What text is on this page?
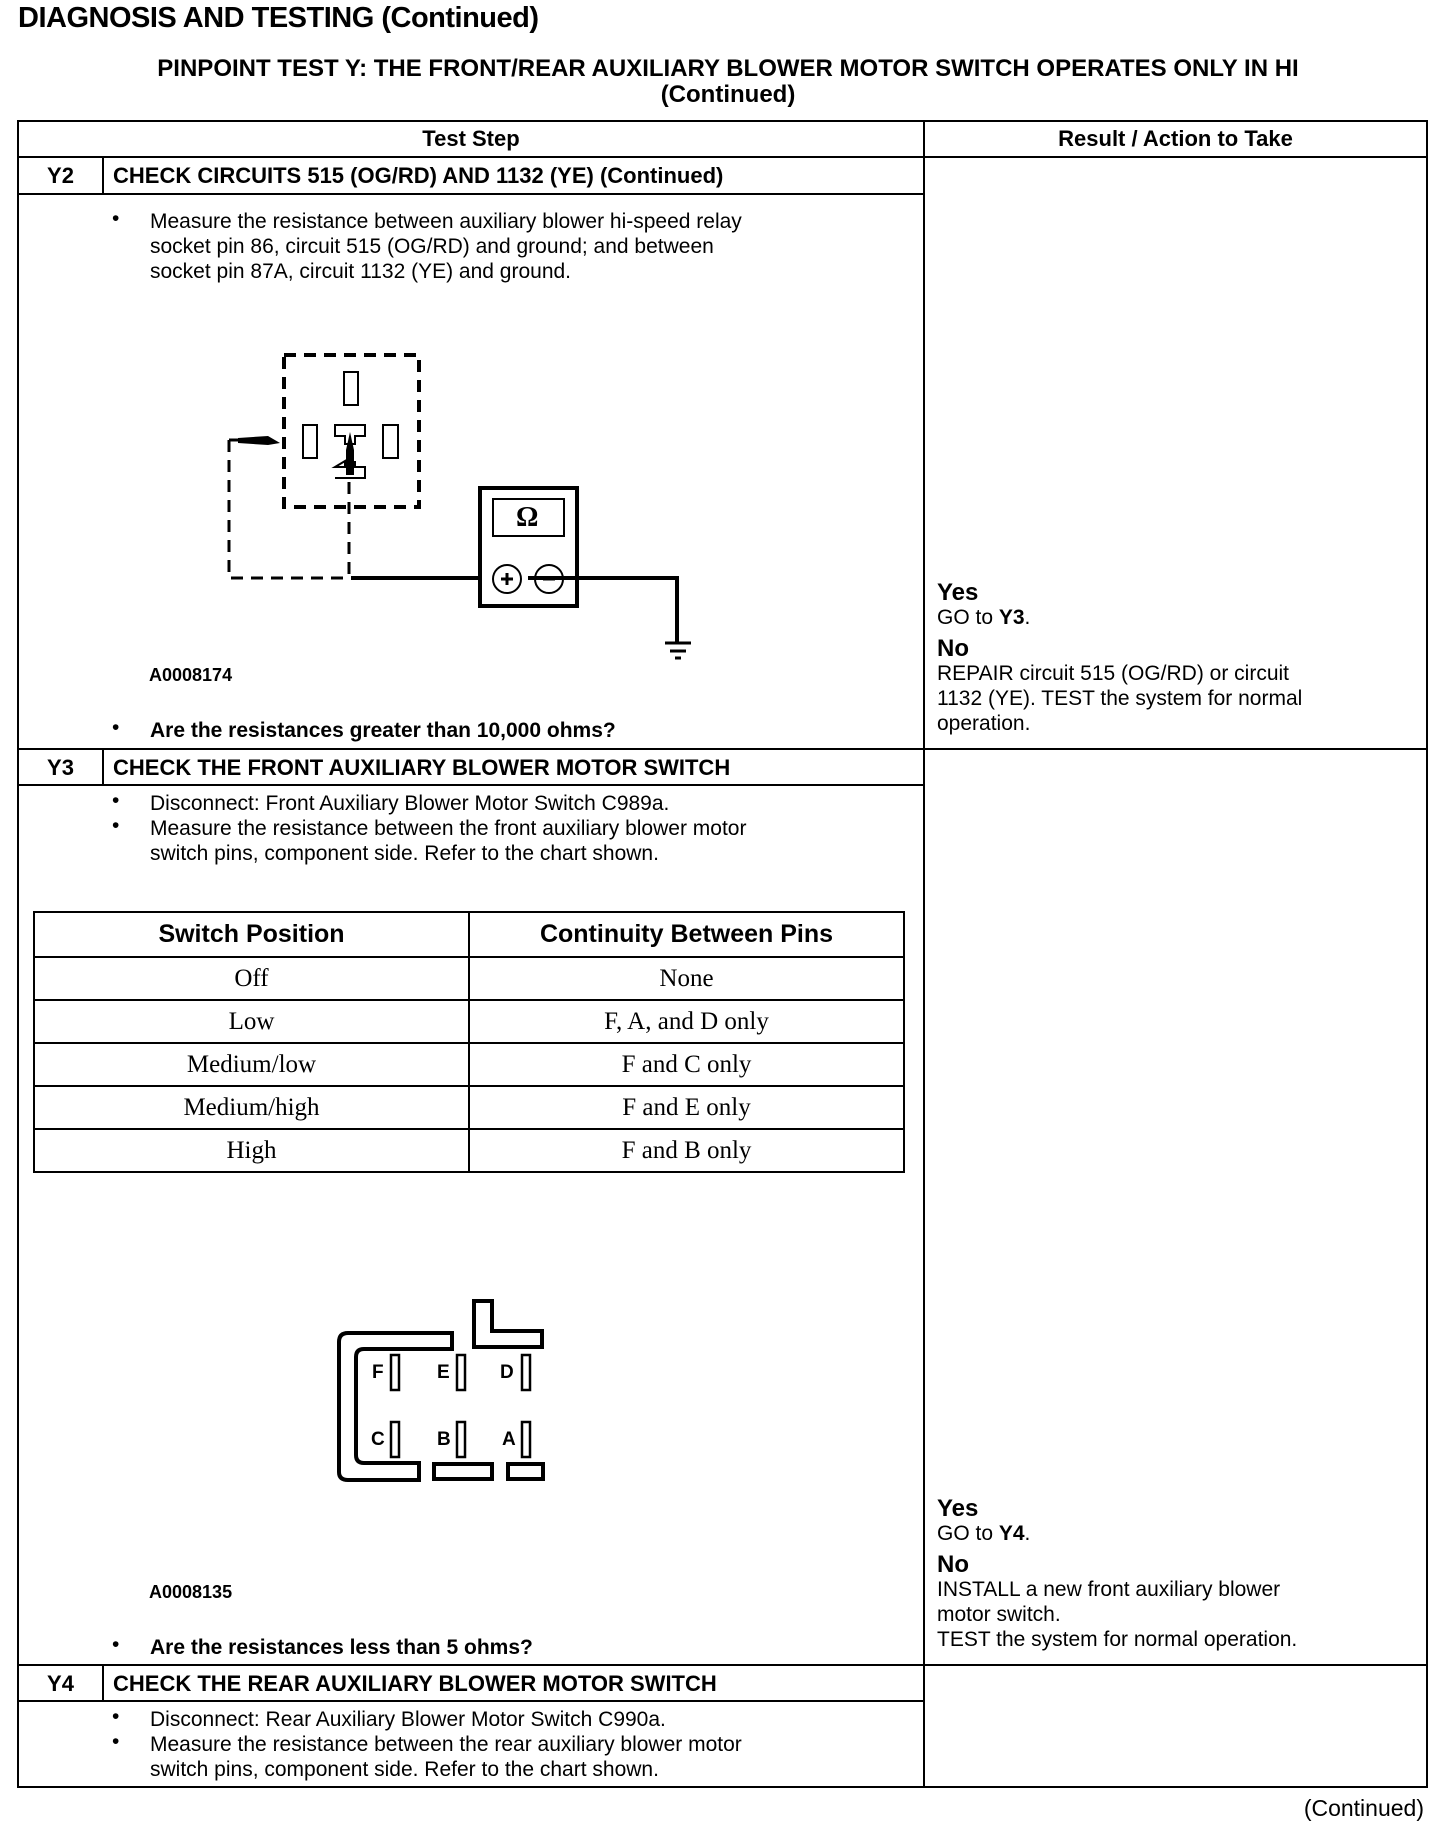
DIAGNOSIS AND TESTING (Continued)
PINPOINT TEST Y: THE FRONT/REAR AUXILIARY BLOWER MOTOR SWITCH OPERATES ONLY IN HI
(Continued)
Test Step	Result / Action to Take
Y2	CHECK CIRCUITS 515 (OG/RD) AND 1132 (YE) (Continued)
• Measure the resistance between auxiliary blower hi-speed relay
socket pin 86, circuit 515 (OG/RD) and ground; and between
socket pin 87A, circuit 1132 (YE) and ground.
Ω
A0008174
• Are the resistances greater than 10,000 ohms?
Yes
GO to Y3.
No
REPAIR circuit 515 (OG/RD) or circuit
1132 (YE). TEST the system for normal
operation.
Y3	CHECK THE FRONT AUXILIARY BLOWER MOTOR SWITCH
•
•
Disconnect: Front Auxiliary Blower Motor Switch C989a.
Measure the resistance between the front auxiliary blower motor
switch pins, component side. Refer to the chart shown.
Switch Position	Continuity Between Pins
Off	None
Low	F, A, and D only
Medium/low	F and C only
Medium/high	F and E only
High	F and B only
F	E	D
C	B	A
A0008135
• Are the resistances less than 5 ohms?
Yes
GO to Y4.
No
INSTALL a new front auxiliary blower
motor switch.
TEST the system for normal operation.
Y4	CHECK THE REAR AUXILIARY BLOWER MOTOR SWITCH
•
•
Disconnect: Rear Auxiliary Blower Motor Switch C990a.
Measure the resistance between the rear auxiliary blower motor
switch pins, component side. Refer to the chart shown.
(Continued)
